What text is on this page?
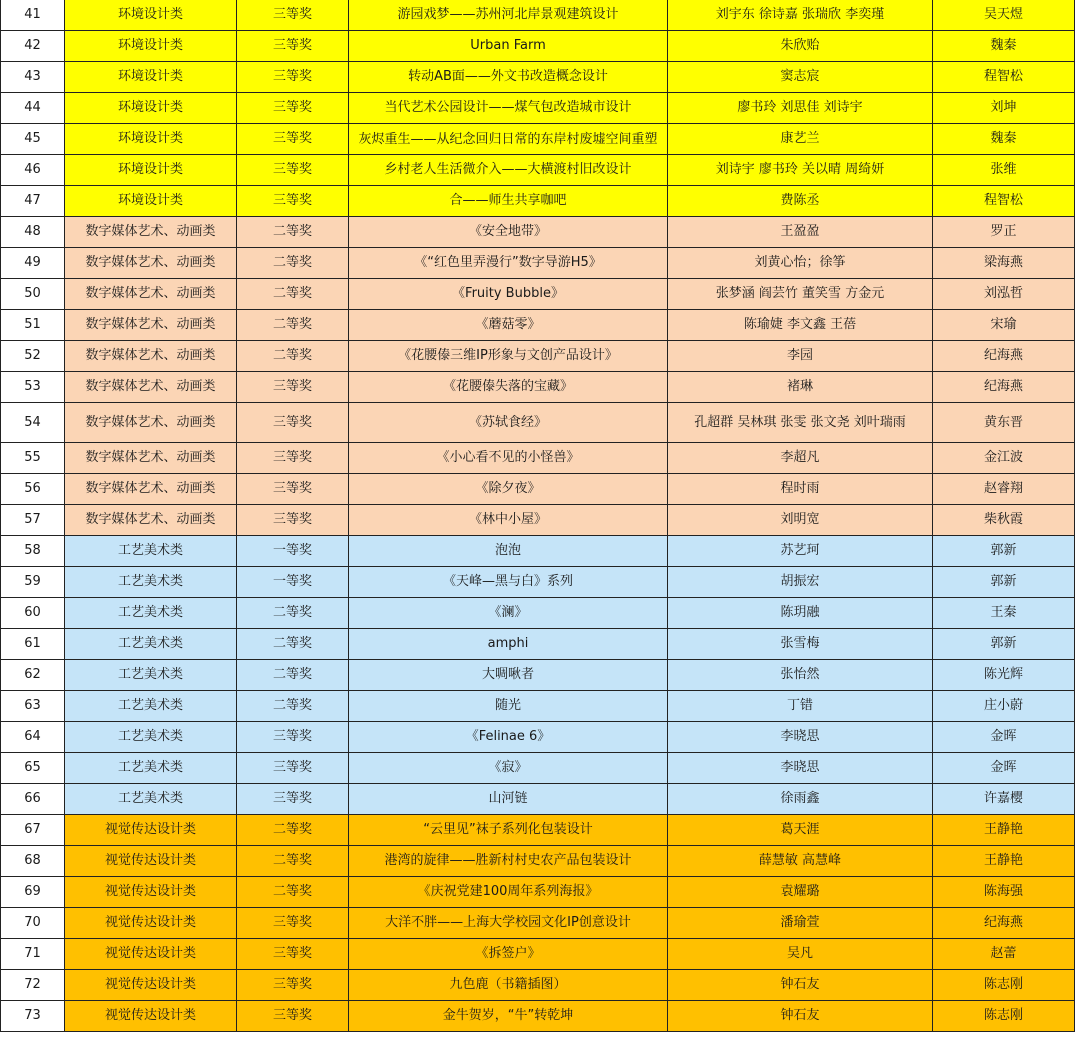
41	环境设计类	三等奖	游园戏梦——苏州河北岸景观建筑设计	刘宇东 徐诗嘉 张瑞欣 李奕瑾	吴天煜	
42	环境设计类	三等奖	Urban Farm	朱欣贻	魏秦	
43	环境设计类	三等奖	转动AB面——外文书改造概念设计	窦志宸	程智松	
44	环境设计类	三等奖	当代艺术公园设计——煤气包改造城市设计	廖书玲 刘思佳 刘诗宇	刘坤	
45	环境设计类	三等奖	灰烬重生——从纪念回归日常的东岸村废墟空间重塑	康艺兰	魏秦	
46	环境设计类	三等奖	乡村老人生活微介入——大横渡村旧改设计	刘诗宇 廖书玲 关以晴 周绮妍	张维	
47	环境设计类	三等奖	合——师生共享咖吧	费陈丞	程智松	
48	数字媒体艺术、动画类	二等奖	《安全地带》	王盈盈	罗正	
49	数字媒体艺术、动画类	二等奖	《“红色里弄漫行”数字导游H5》	刘黄心怡；徐筝	梁海燕	
50	数字媒体艺术、动画类	二等奖	《Fruity Bubble》	张梦涵 阎芸竹 董笑雪 方金元	刘泓哲	
51	数字媒体艺术、动画类	二等奖	《蘑菇零》	陈瑜婕 李文鑫 王蓓	宋瑜	
52	数字媒体艺术、动画类	二等奖	《花腰傣三维IP形象与文创产品设计》	李园	纪海燕	
53	数字媒体艺术、动画类	三等奖	《花腰傣失落的宝藏》	褚琳	纪海燕	
54	数字媒体艺术、动画类	三等奖	《苏轼食经》	孔超群 吴林琪 张雯 张文尧 刘叶瑞雨	黄东晋	
55	数字媒体艺术、动画类	三等奖	《小心看不见的小怪兽》	李超凡	金江波	
56	数字媒体艺术、动画类	三等奖	《除夕夜》	程时雨	赵睿翔	
57	数字媒体艺术、动画类	三等奖	《林中小屋》	刘明宽	柴秋霞	
58	工艺美术类	一等奖	泡泡	苏艺珂	郭新	
59	工艺美术类	一等奖	《天峰—黑与白》系列	胡振宏	郭新	
60	工艺美术类	二等奖	《澜》	陈玥融	王秦	
61	工艺美术类	二等奖	amphi	张雪梅	郭新	
62	工艺美术类	二等奖	大啁啾者	张怡然	陈光辉	
63	工艺美术类	二等奖	随光	丁错	庄小蔚	
64	工艺美术类	三等奖	《Felinae 6》	李晓思	金晖	
65	工艺美术类	三等奖	《寂》	李晓思	金晖	
66	工艺美术类	三等奖	山河链	徐雨鑫	许嘉樱	
67	视觉传达设计类	二等奖	“云里见”袜子系列化包装设计	葛天涯	王静艳	
68	视觉传达设计类	二等奖	港湾的旋律——胜新村村史农产品包装设计	薛慧敏 高慧峰	王静艳	
69	视觉传达设计类	二等奖	《庆祝党建100周年系列海报》	袁耀璐	陈海强	
70	视觉传达设计类	三等奖	大洋不胖——上海大学校园文化IP创意设计	潘瑜萱	纪海燕	
71	视觉传达设计类	三等奖	《拆签户》	吴凡	赵蕾	
72	视觉传达设计类	三等奖	九色鹿（书籍插图）	钟石友	陈志刚	
73	视觉传达设计类	三等奖	金牛贺岁，“牛”转乾坤	钟石友	陈志刚	
